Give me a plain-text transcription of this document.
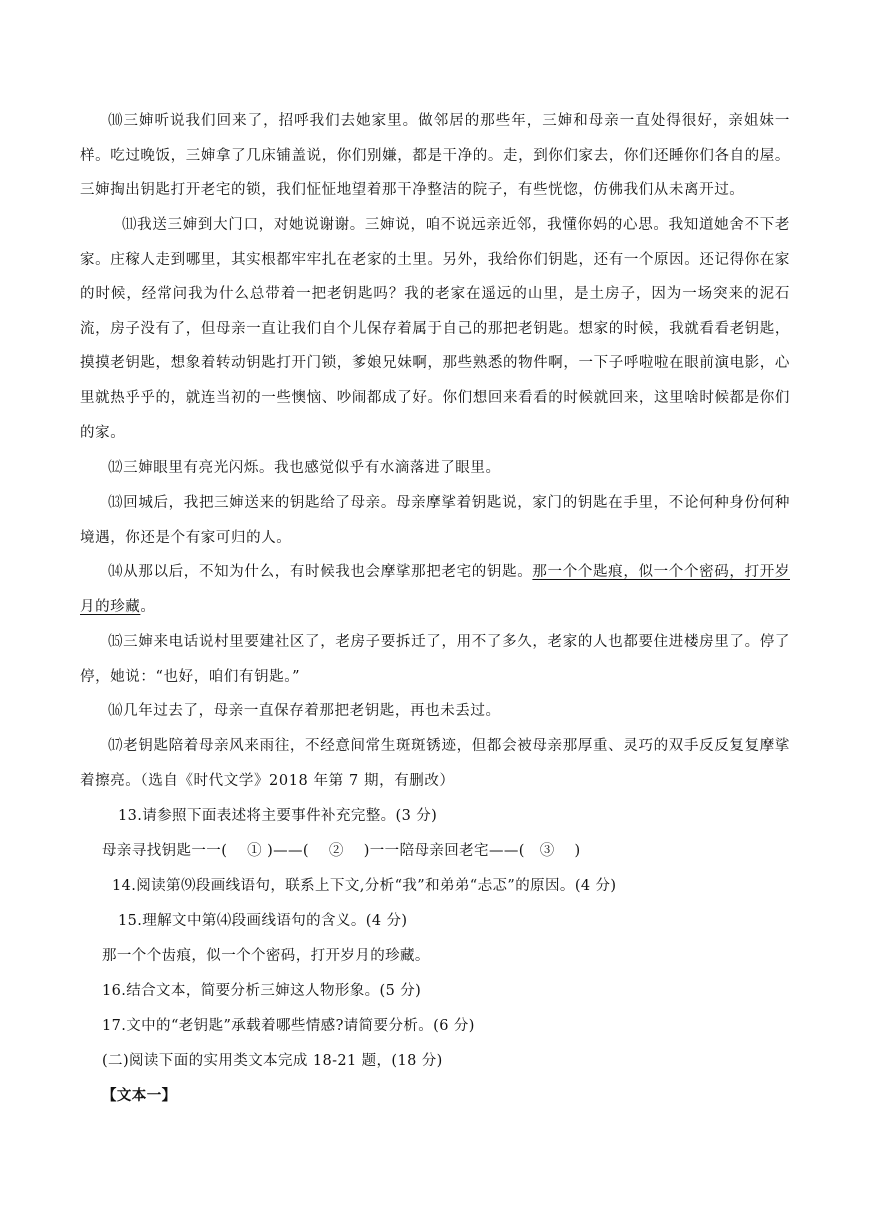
⑽三婶听说我们回来了，招呼我们去她家里。做邻居的那些年，三婶和母亲一直处得很好，亲姐妹一样。吃过晚饭，三婶拿了几床铺盖说，你们别嫌，都是干净的。走，到你们家去，你们还睡你们各自的屋。三婶掏出钥匙打开老宅的锁，我们怔怔地望着那干净整洁的院子，有些恍惚，仿佛我们从未离开过。

⑾我送三婶到大门口，对她说谢谢。三婶说，咱不说远亲近邻，我懂你妈的心思。我知道她舍不下老家。庄稼人走到哪里，其实根都牢牢扎在老家的土里。另外，我给你们钥匙，还有一个原因。还记得你在家的时候，经常问我为什么总带着一把老钥匙吗？我的老家在遥远的山里，是土房子，因为一场突来的泥石流，房子没有了，但母亲一直让我们自个儿保存着属于自己的那把老钥匙。想家的时候，我就看看老钥匙，摸摸老钥匙，想象着转动钥匙打开门锁，爹娘兄妹啊，那些熟悉的物件啊，一下子呼啦啦在眼前演电影，心里就热乎乎的，就连当初的一些懊恼、吵闹都成了好。你们想回来看看的时候就回来，这里啥时候都是你们的家。

⑿三婶眼里有亮光闪烁。我也感觉似乎有水滴落进了眼里。

⒀回城后，我把三婶送来的钥匙给了母亲。母亲摩挲着钥匙说，家门的钥匙在手里，不论何种身份何种境遇，你还是个有家可归的人。

⒁从那以后，不知为什么，有时候我也会摩挲那把老宅的钥匙。那一个个匙痕，似一个个密码，打开岁月的珍藏。

⒂三婶来电话说村里要建社区了，老房子要拆迁了，用不了多久，老家的人也都要住进楼房里了。停了停，她说：“也好，咱们有钥匙。”

⒃几年过去了，母亲一直保存着那把老钥匙，再也未丢过。

⒄老钥匙陪着母亲风来雨往，不经意间常生斑斑锈迹，但都会被母亲那厚重、灵巧的双手反反复复摩挲着擦亮。（选自《时代文学》2018 年第 7 期，有删改）

13.请参照下面表述将主要事件补充完整。(3 分)

母亲寻找钥匙一一(　 ① )——(　 ②　 )一一陪母亲回老宅——(　③　 )

14.阅读第⑼段画线语句，联系上下文,分析“我”和弟弟“忐忑”的原因。(4 分)

15.理解文中第⑷段画线语句的含义。(4 分)

那一个个齿痕，似一个个密码，打开岁月的珍藏。

16.结合文本，简要分析三婶这人物形象。(5 分)

17.文中的“老钥匙”承载着哪些情感?请简要分析。(6 分)

(二)阅读下面的实用类文本完成 18-21 题，(18 分)

【文本一】
